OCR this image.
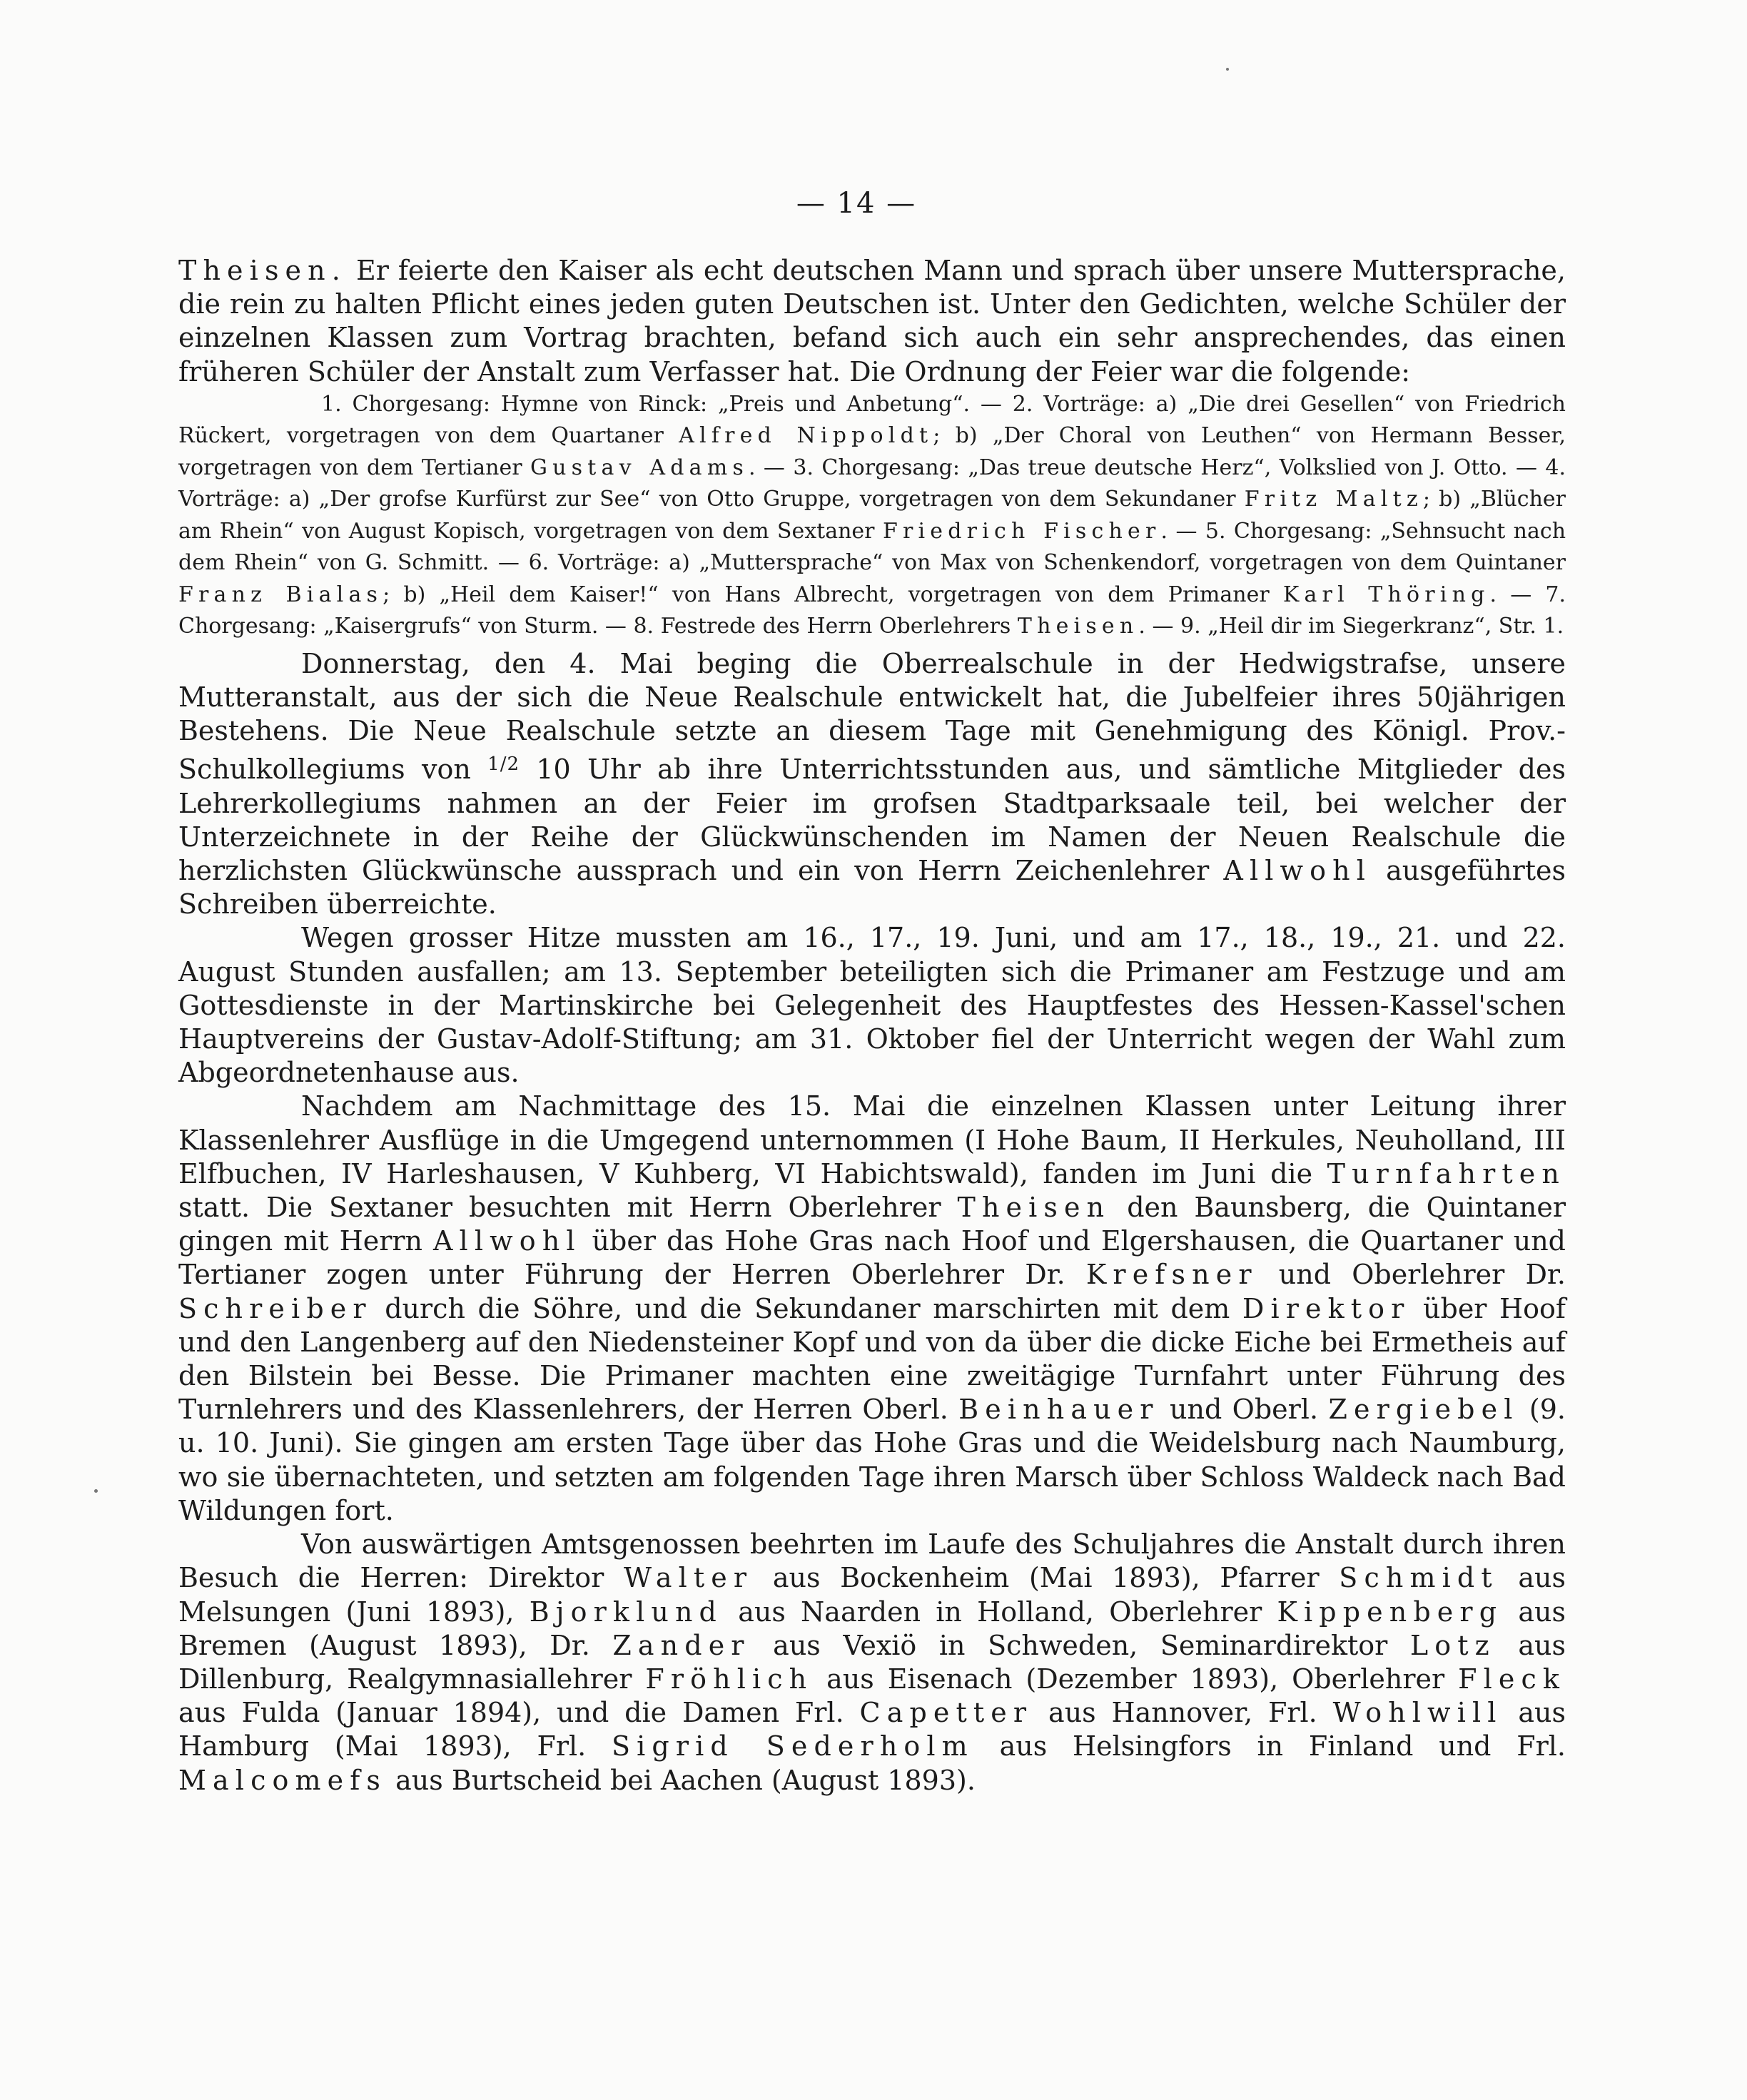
— 14 —

Theisen. Er feierte den Kaiser als echt deutschen Mann und sprach über unsere Muttersprache, die rein zu halten Pflicht eines jeden guten Deutschen ist. Unter den Gedichten, welche Schüler der einzelnen Klassen zum Vortrag brachten, befand sich auch ein sehr ansprechendes, das einen früheren Schüler der Anstalt zum Verfasser hat. Die Ordnung der Feier war die folgende:

1. Chorgesang: Hymne von Rinck: „Preis und Anbetung“. — 2. Vorträge: a) „Die drei Gesellen“ von Friedrich Rückert, vorgetragen von dem Quartaner Alfred Nippoldt; b) „Der Choral von Leuthen“ von Hermann Besser, vorgetragen von dem Tertianer Gustav Adams. — 3. Chorgesang: „Das treue deutsche Herz“, Volkslied von J. Otto. — 4. Vorträge: a) „Der grofse Kurfürst zur See“ von Otto Gruppe, vorgetragen von dem Sekundaner Fritz Maltz; b) „Blücher am Rhein“ von August Kopisch, vorgetragen von dem Sextaner Friedrich Fischer. — 5. Chorgesang: „Sehnsucht nach dem Rhein“ von G. Schmitt. — 6. Vorträge: a) „Muttersprache“ von Max von Schenkendorf, vorgetragen von dem Quintaner Franz Bialas; b) „Heil dem Kaiser!“ von Hans Albrecht, vorgetragen von dem Primaner Karl Thöring. — 7. Chorgesang: „Kaisergrufs“ von Sturm. — 8. Festrede des Herrn Oberlehrers Theisen. — 9. „Heil dir im Siegerkranz“, Str. 1.

Donnerstag, den 4. Mai beging die Oberrealschule in der Hedwigstrafse, unsere Mutteranstalt, aus der sich die Neue Realschule entwickelt hat, die Jubelfeier ihres 50jährigen Bestehens. Die Neue Realschule setzte an diesem Tage mit Genehmigung des Königl. Prov.-Schulkollegiums von $^{1/2}$ 10 Uhr ab ihre Unterrichtsstunden aus, und sämtliche Mitglieder des Lehrerkollegiums nahmen an der Feier im grofsen Stadtparksaale teil, bei welcher der Unterzeichnete in der Reihe der Glückwünschenden im Namen der Neuen Realschule die herzlichsten Glückwünsche aussprach und ein von Herrn Zeichenlehrer Allwohl ausgeführtes Schreiben überreichte.

Wegen grosser Hitze mussten am 16., 17., 19. Juni, und am 17., 18., 19., 21. und 22. August Stunden ausfallen; am 13. September beteiligten sich die Primaner am Festzuge und am Gottesdienste in der Martinskirche bei Gelegenheit des Hauptfestes des Hessen-Kassel'schen Hauptvereins der Gustav-Adolf-Stiftung; am 31. Oktober fiel der Unterricht wegen der Wahl zum Abgeordnetenhause aus.

Nachdem am Nachmittage des 15. Mai die einzelnen Klassen unter Leitung ihrer Klassenlehrer Ausflüge in die Umgegend unternommen (I Hohe Baum, II Herkules, Neuholland, III Elfbuchen, IV Harleshausen, V Kuhberg, VI Habichtswald), fanden im Juni die Turnfahrten statt. Die Sextaner besuchten mit Herrn Oberlehrer Theisen den Baunsberg, die Quintaner gingen mit Herrn Allwohl über das Hohe Gras nach Hoof und Elgershausen, die Quartaner und Tertianer zogen unter Führung der Herren Oberlehrer Dr. Krefsner und Oberlehrer Dr. Schreiber durch die Söhre, und die Sekundaner marschirten mit dem Direktor über Hoof und den Langenberg auf den Niedensteiner Kopf und von da über die dicke Eiche bei Ermetheis auf den Bilstein bei Besse. Die Primaner machten eine zweitägige Turnfahrt unter Führung des Turnlehrers und des Klassenlehrers, der Herren Oberl. Beinhauer und Oberl. Zergiebel (9. u. 10. Juni). Sie gingen am ersten Tage über das Hohe Gras und die Weidelsburg nach Naumburg, wo sie übernachteten, und setzten am folgenden Tage ihren Marsch über Schloss Waldeck nach Bad Wildungen fort.

Von auswärtigen Amtsgenossen beehrten im Laufe des Schuljahres die Anstalt durch ihren Besuch die Herren: Direktor Walter aus Bockenheim (Mai 1893), Pfarrer Schmidt aus Melsungen (Juni 1893), Bjorklund aus Naarden in Holland, Oberlehrer Kippenberg aus Bremen (August 1893), Dr. Zander aus Vexiö in Schweden, Seminardirektor Lotz aus Dillenburg, Realgymnasiallehrer Fröhlich aus Eisenach (Dezember 1893), Oberlehrer Fleck aus Fulda (Januar 1894), und die Damen Frl. Capetter aus Hannover, Frl. Wohlwill aus Hamburg (Mai 1893), Frl. Sigrid Sederholm aus Helsingfors in Finland und Frl. Malcomefs aus Burtscheid bei Aachen (August 1893).
